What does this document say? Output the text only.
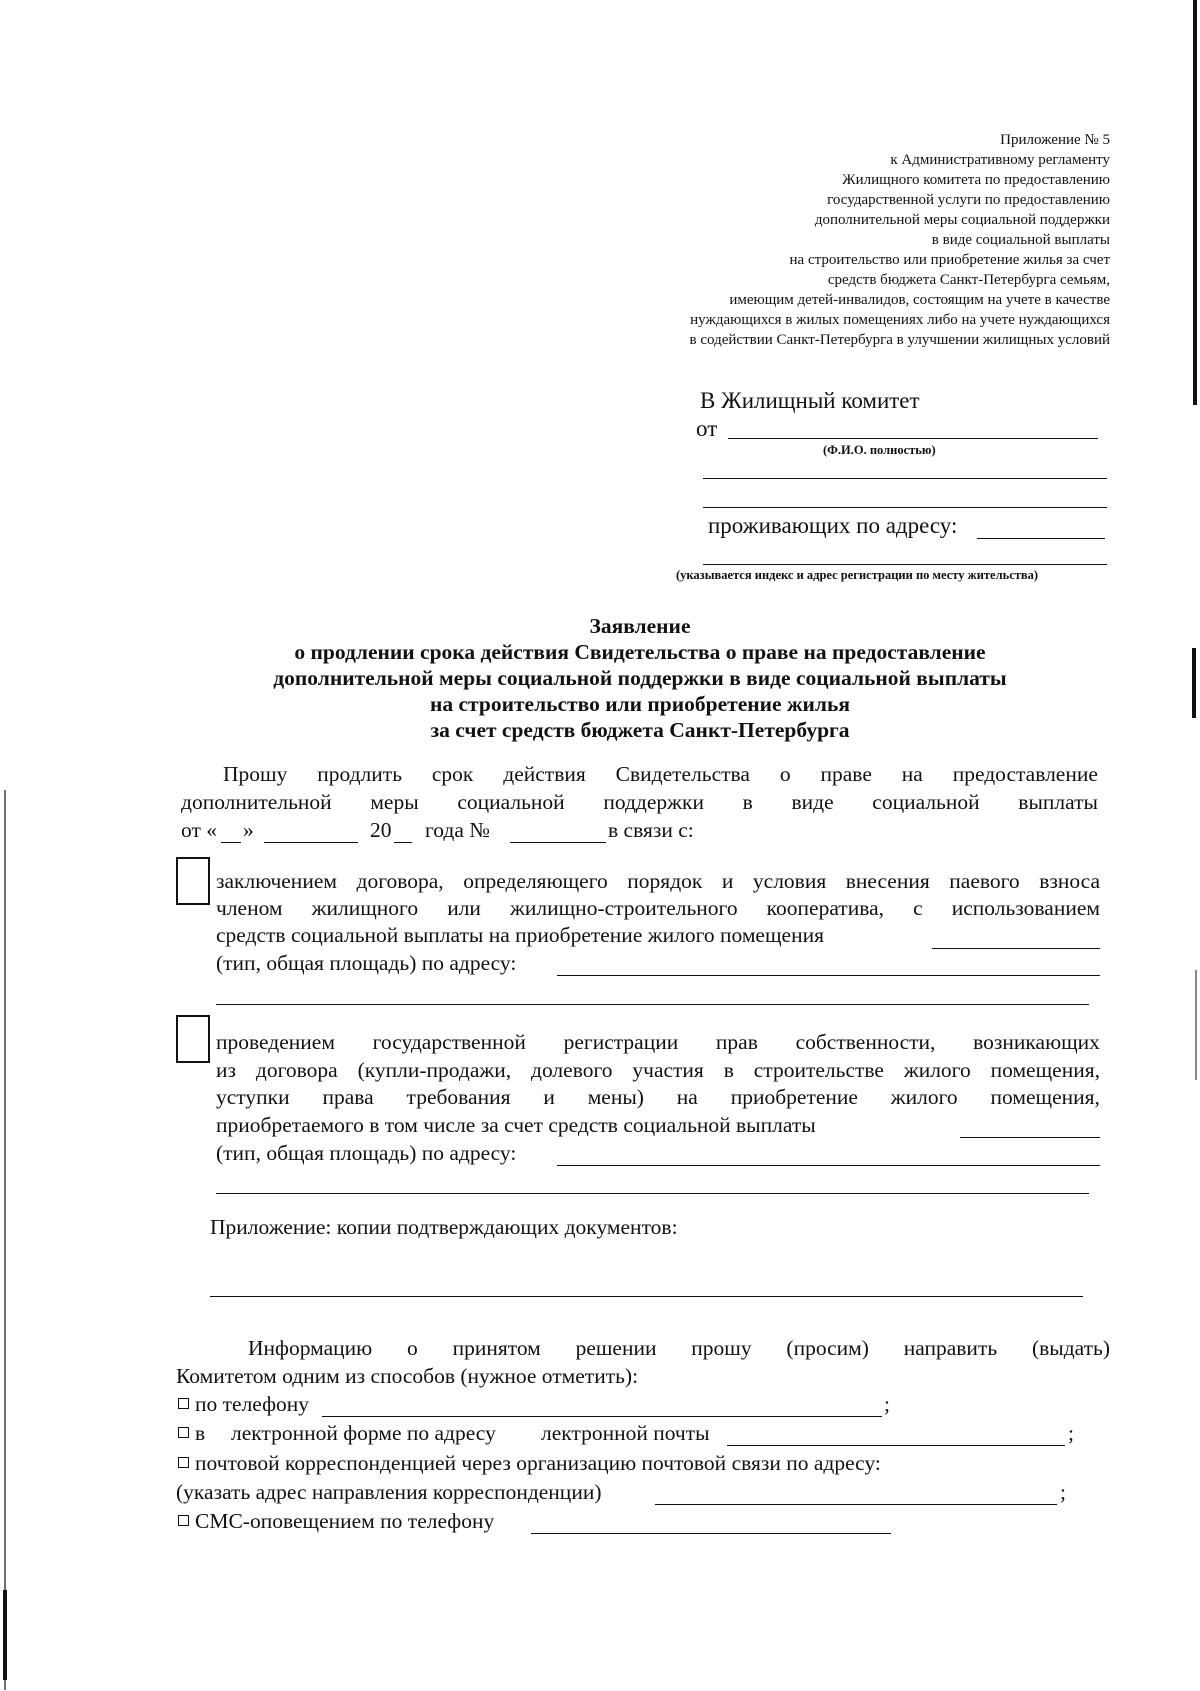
Приложение № 5
к Административному регламенту
Жилищного комитета по предоставлению
государственной услуги по предоставлению
дополнительной меры социальной поддержки
в виде социальной выплаты
на строительство или приобретение жилья за счет
средств бюджета Санкт-Петербурга семьям,
имеющим детей-инвалидов, состоящим на учете в качестве
нуждающихся в жилых помещениях либо на учете нуждающихся
в содействии Санкт-Петербурга в улучшении жилищных условий
В Жилищный комитет
от
(Ф.И.О. полностью)
проживающих по адресу:
(указывается индекс и адрес регистрации по месту жительства)
Заявление
о продлении срока действия Свидетельства о праве на предоставление
дополнительной меры социальной поддержки в виде социальной выплаты
на строительство или приобретение жилья
за счет средств бюджета Санкт-Петербурга
Прошу продлить срок действия Свидетельства о праве на предоставление
дополнительной меры социальной поддержки в виде социальной выплаты
от « »	20 года №	в связи с:
заключением договора, определяющего порядок и условия внесения паевого взноса
членом жилищного или жилищно-строительного кооператива, с использованием
средств социальной выплаты на приобретение жилого помещения
(тип, общая площадь) по адресу:
проведением государственной регистрации прав собственности, возникающих
из договора (купли-продажи, долевого участия в строительстве жилого помещения,
уступки права требования и мены) на приобретение жилого помещения,
приобретаемого в том числе за счет средств социальной выплаты
(тип, общая площадь) по адресу:
Приложение: копии подтверждающих документов:
Информацию о принятом решении прошу (просим) направить (выдать)
Комитетом одним из способов (нужное отметить):
по телефону	;
в лектронной форме по адресу лектронной почты	;
почтовой корреспонденцией через организацию почтовой связи по адресу:
(указать адрес направления корреспонденции)	;
СМС-оповещением по телефону
